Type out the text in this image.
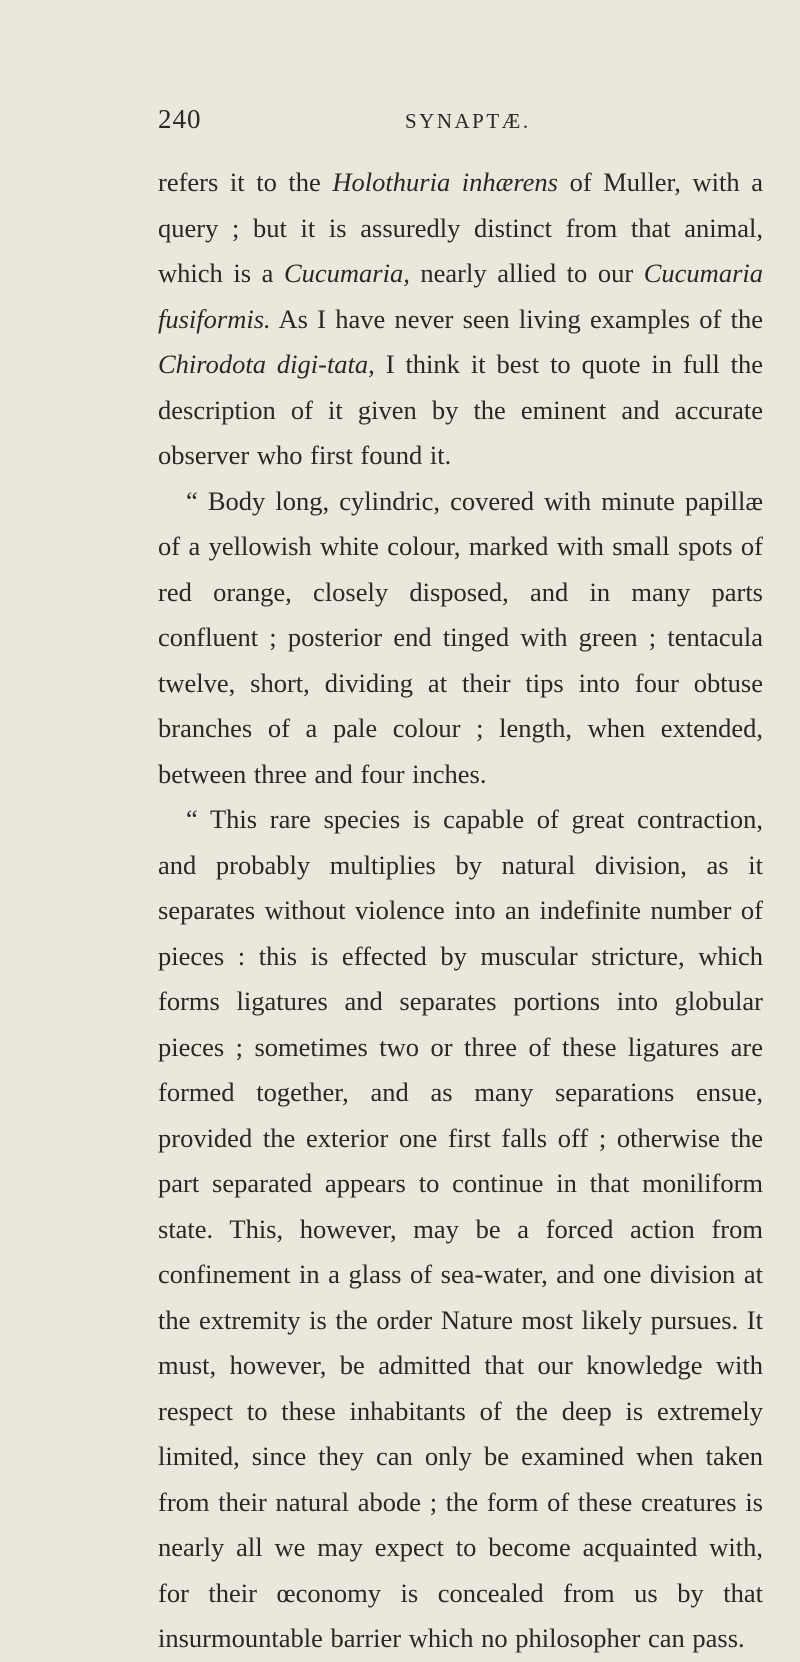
240	SYNAPTÆ.

refers it to the Holothuria inhærens of Muller, with a query ; but it is assuredly distinct from that animal, which is a Cucumaria, nearly allied to our Cucumaria fusiformis. As I have never seen living examples of the Chirodota digi-tata, I think it best to quote in full the description of it given by the eminent and accurate observer who first found it.

“ Body long, cylindric, covered with minute papillæ of a yellowish white colour, marked with small spots of red orange, closely disposed, and in many parts confluent ; posterior end tinged with green ; tentacula twelve, short, dividing at their tips into four obtuse branches of a pale colour ; length, when extended, between three and four inches.

“ This rare species is capable of great contraction, and probably multiplies by natural division, as it separates without violence into an indefinite number of pieces : this is effected by muscular stricture, which forms ligatures and separates portions into globular pieces ; sometimes two or three of these ligatures are formed together, and as many separations ensue, provided the exterior one first falls off ; otherwise the part separated appears to continue in that moniliform state. This, however, may be a forced action from confinement in a glass of sea-water, and one division at the extremity is the order Nature most likely pursues. It must, however, be admitted that our knowledge with respect to these inhabitants of the deep is extremely limited, since they can only be examined when taken from their natural abode ; the form of these creatures is nearly all we may expect to become acquainted with, for their œconomy is concealed from us by that insurmountable barrier which no philosopher can pass.
